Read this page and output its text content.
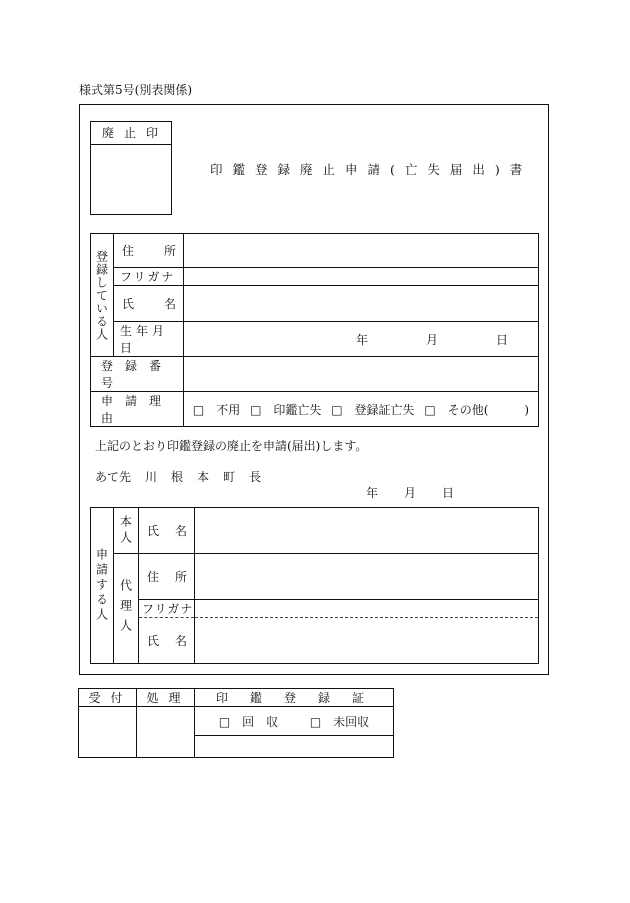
様式第5号(別表関係)
廃止印
印鑑登録廃止申請(亡失届出)書
登録している人	住 所	

	フリガナ	

	氏 名	

	生年月日	年 月 日

登録番号		

申請理由		□　不用 □　印鑑亡失 □　登録証亡失 □　その他(　　　)
上記のとおり印鑑登録の廃止を申請(届出)します。
あて先 川 根 本 町 長
年 月 日
申請する人	本人	氏 名	

	代理人	住 所	

		フリガナ	

		氏 名	

受付	処理	印鑑登録証

		□　回　収 □　未回収
